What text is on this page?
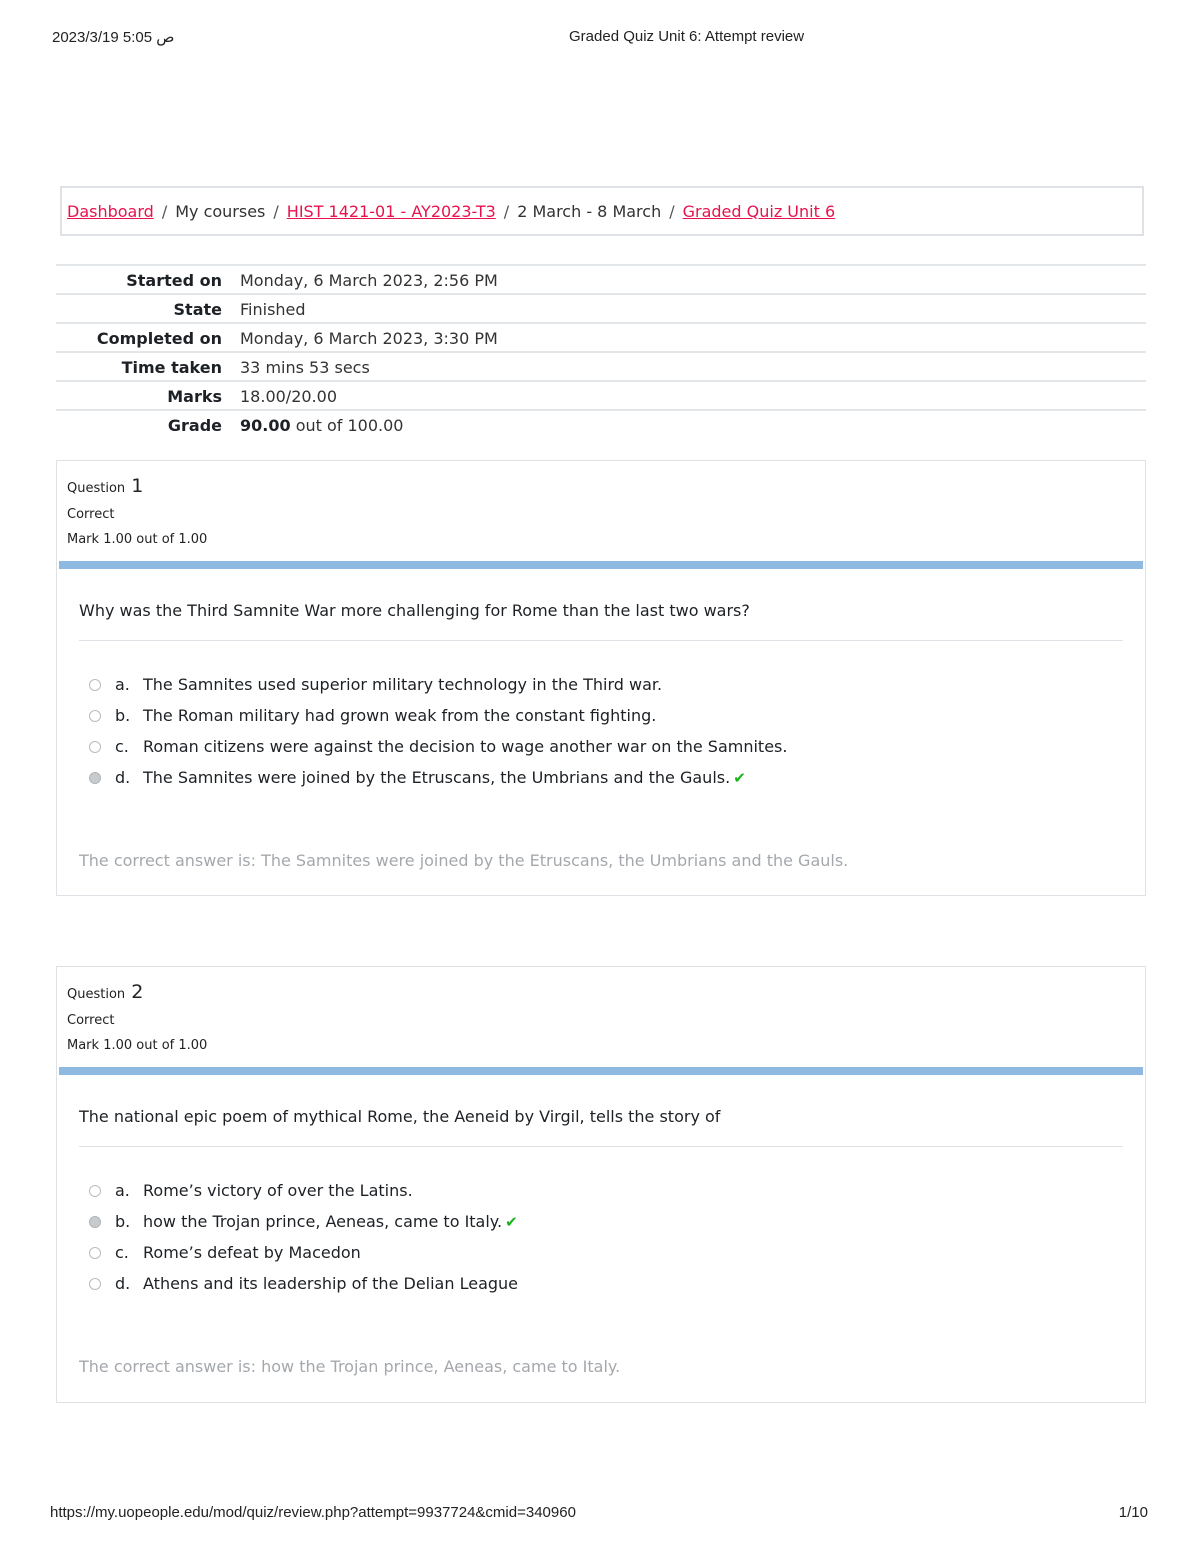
2023/3/19 5:05 ص	Graded Quiz Unit 6: Attempt review
Dashboard / My courses / HIST 1421-01 - AY2023-T3 / 2 March - 8 March / Graded Quiz Unit 6
Started on	Monday, 6 March 2023, 2:56 PM
State	Finished
Completed on	Monday, 6 March 2023, 3:30 PM
Time taken	33 mins 53 secs
Marks	18.00/20.00
Grade	90.00 out of 100.00
Question 1
Correct
Mark 1.00 out of 1.00
Why was the Third Samnite War more challenging for Rome than the last two wars?
a. The Samnites used superior military technology in the Third war.
b. The Roman military had grown weak from the constant fighting.
c. Roman citizens were against the decision to wage another war on the Samnites.
d. The Samnites were joined by the Etruscans, the Umbrians and the Gauls. ✔
The correct answer is: The Samnites were joined by the Etruscans, the Umbrians and the Gauls.
Question 2
Correct
Mark 1.00 out of 1.00
The national epic poem of mythical Rome, the Aeneid by Virgil, tells the story of
a. Rome’s victory of over the Latins.
b. how the Trojan prince, Aeneas, came to Italy. ✔
c. Rome’s defeat by Macedon
d. Athens and its leadership of the Delian League
The correct answer is: how the Trojan prince, Aeneas, came to Italy.
https://my.uopeople.edu/mod/quiz/review.php?attempt=9937724&cmid=340960	1/10
